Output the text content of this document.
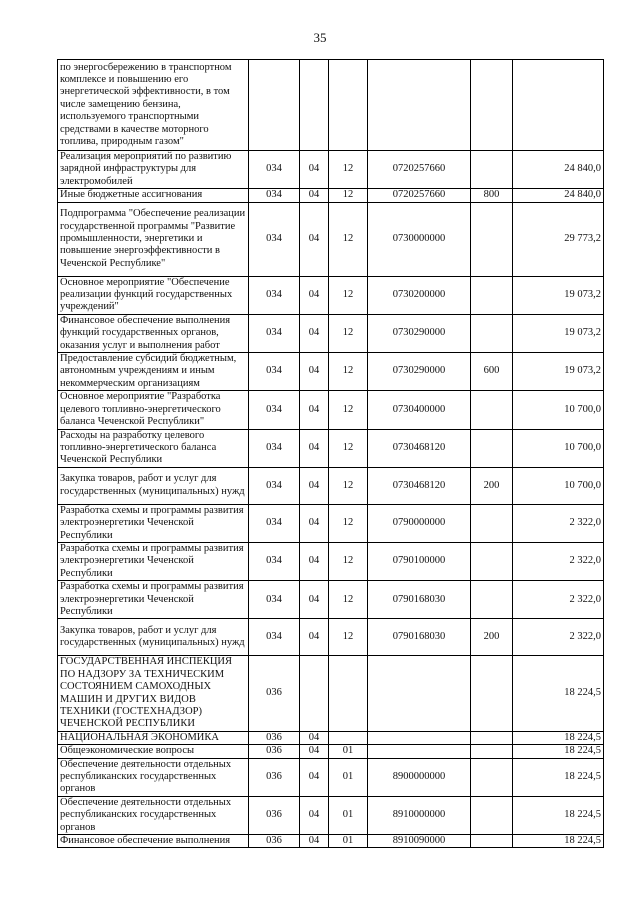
35
по энергосбережению в транспортном комплексе и повышению его энергетической эффективности, в том числе замещению бензина, используемого транспортными средствами в качестве моторного топлива, природным газом"						
Реализация мероприятий по развитию зарядной инфраструктуры для электромобилей	034	04	12	0720257660		24 840,0
Иные бюджетные ассигнования	034	04	12	0720257660	800	24 840,0
Подпрограмма "Обеспечение реализации государственной программы "Развитие промышленности, энергетики и повышение энергоэффективности в Чеченской Республике"	034	04	12	0730000000		29 773,2
Основное мероприятие "Обеспечение реализации функций государственных учреждений"	034	04	12	0730200000		19 073,2
Финансовое обеспечение выполнения функций государственных органов, оказания услуг и выполнения работ	034	04	12	0730290000		19 073,2
Предоставление субсидий бюджетным, автономным учреждениям и иным некоммерческим организациям	034	04	12	0730290000	600	19 073,2
Основное мероприятие "Разработка целевого топливно-энергетического баланса Чеченской Республики"	034	04	12	0730400000		10 700,0
Расходы на разработку целевого топливно-энергетического баланса Чеченской Республики	034	04	12	0730468120		10 700,0
Закупка товаров, работ и услуг для государственных (муниципальных) нужд	034	04	12	0730468120	200	10 700,0
Разработка схемы и программы развития электроэнергетики Чеченской Республики	034	04	12	0790000000		2 322,0
Разработка схемы и программы развития электроэнергетики Чеченской Республики	034	04	12	0790100000		2 322,0
Разработка схемы и программы развития электроэнергетики Чеченской Республики	034	04	12	0790168030		2 322,0
Закупка товаров, работ и услуг для государственных (муниципальных) нужд	034	04	12	0790168030	200	2 322,0
ГОСУДАРСТВЕННАЯ ИНСПЕКЦИЯ ПО НАДЗОРУ ЗА ТЕХНИЧЕСКИМ СОСТОЯНИЕМ САМОХОДНЫХ МАШИН И ДРУГИХ ВИДОВ ТЕХНИКИ (ГОСТЕХНАДЗОР) ЧЕЧЕНСКОЙ РЕСПУБЛИКИ	036					18 224,5
НАЦИОНАЛЬНАЯ ЭКОНОМИКА	036	04				18 224,5
Общеэкономические вопросы	036	04	01			18 224,5
Обеспечение деятельности отдельных республиканских государственных органов	036	04	01	8900000000		18 224,5
Обеспечение деятельности отдельных республиканских государственных органов	036	04	01	8910000000		18 224,5
Финансовое обеспечение выполнения	036	04	01	8910090000		18 224,5
